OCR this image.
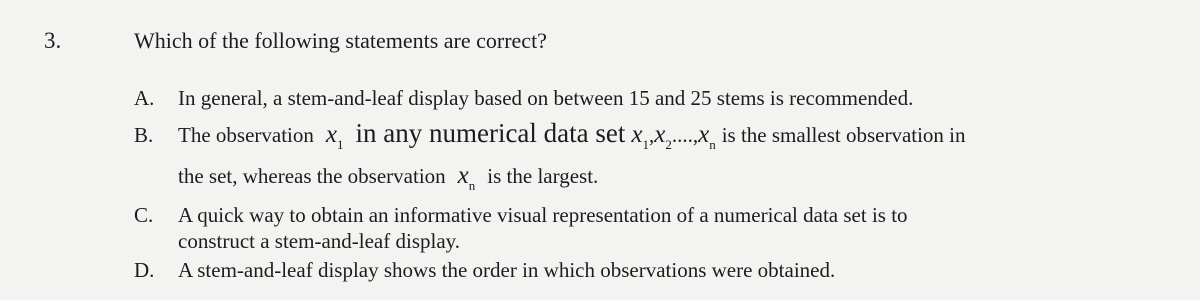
3.	Which of the following statements are correct?
A. In general, a stem-and-leaf display based on between 15 and 25 stems is recommended.
B. The observation $x_1$ in any numerical data set $x_1,x_2....,x_n$ is the smallest observation in
the set, whereas the observation $x_n$ is the largest.
C. A quick way to obtain an informative visual representation of a numerical data set is to
construct a stem-and-leaf display.
D. A stem-and-leaf display shows the order in which observations were obtained.
